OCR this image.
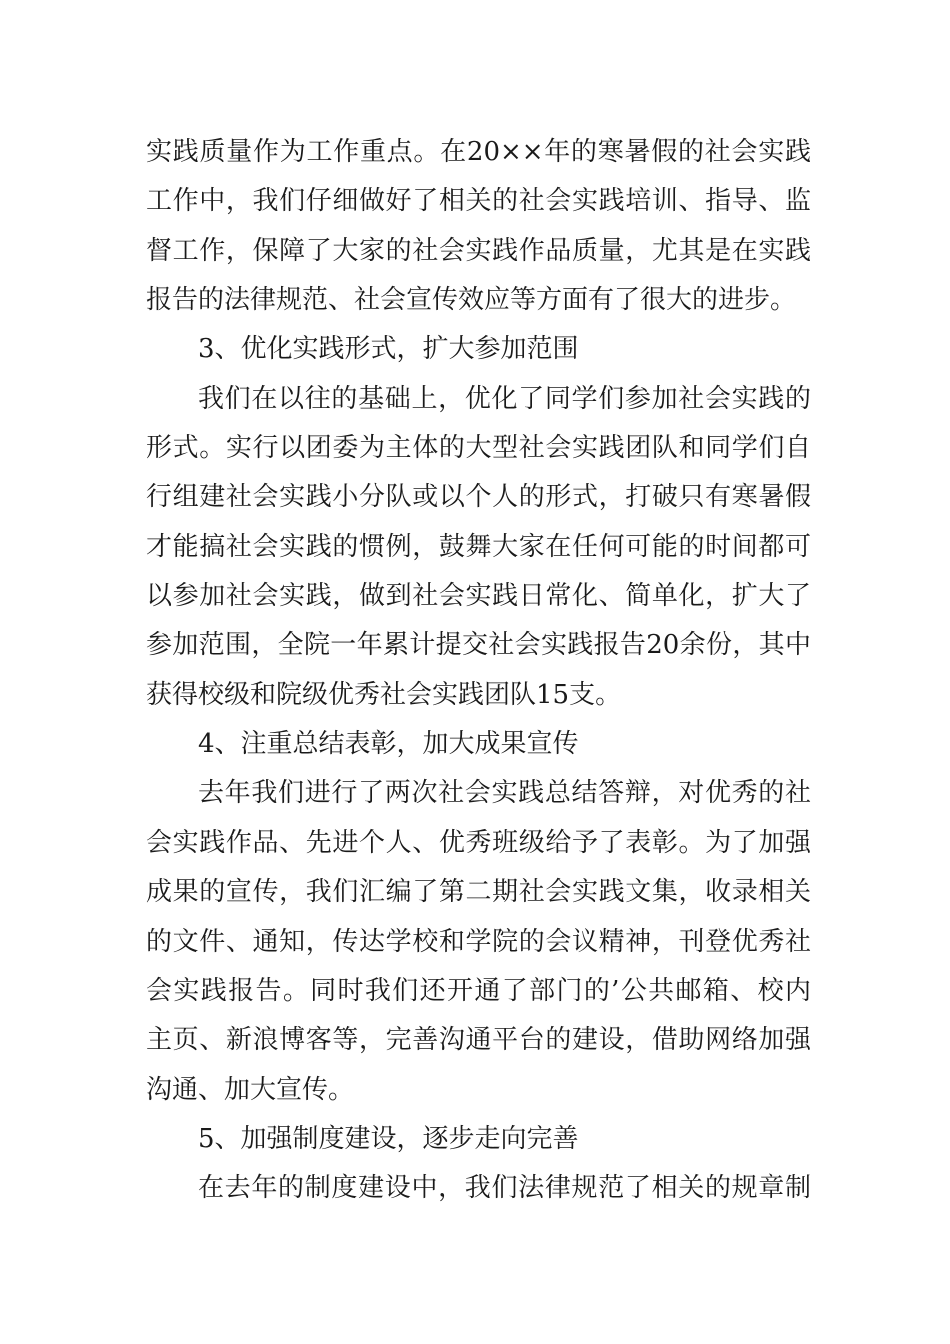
实践质量作为工作重点。在20××年的寒暑假的社会实践
工作中，我们仔细做好了相关的社会实践培训、指导、监
督工作，保障了大家的社会实践作品质量，尤其是在实践
报告的法律规范、社会宣传效应等方面有了很大的进步。
3、优化实践形式，扩大参加范围
我们在以往的基础上，优化了同学们参加社会实践的
形式。实行以团委为主体的大型社会实践团队和同学们自
行组建社会实践小分队或以个人的形式，打破只有寒暑假
才能搞社会实践的惯例，鼓舞大家在任何可能的时间都可
以参加社会实践，做到社会实践日常化、简单化，扩大了
参加范围，全院一年累计提交社会实践报告20余份，其中
获得校级和院级优秀社会实践团队15支。
4、注重总结表彰，加大成果宣传
去年我们进行了两次社会实践总结答辩，对优秀的社
会实践作品、先进个人、优秀班级给予了表彰。为了加强
成果的宣传，我们汇编了第二期社会实践文集，收录相关
的文件、通知，传达学校和学院的会议精神，刊登优秀社
会实践报告。同时我们还开通了部门的’公共邮箱、校内
主页、新浪博客等，完善沟通平台的建设，借助网络加强
沟通、加大宣传。
5、加强制度建设，逐步走向完善
在去年的制度建设中，我们法律规范了相关的规章制
